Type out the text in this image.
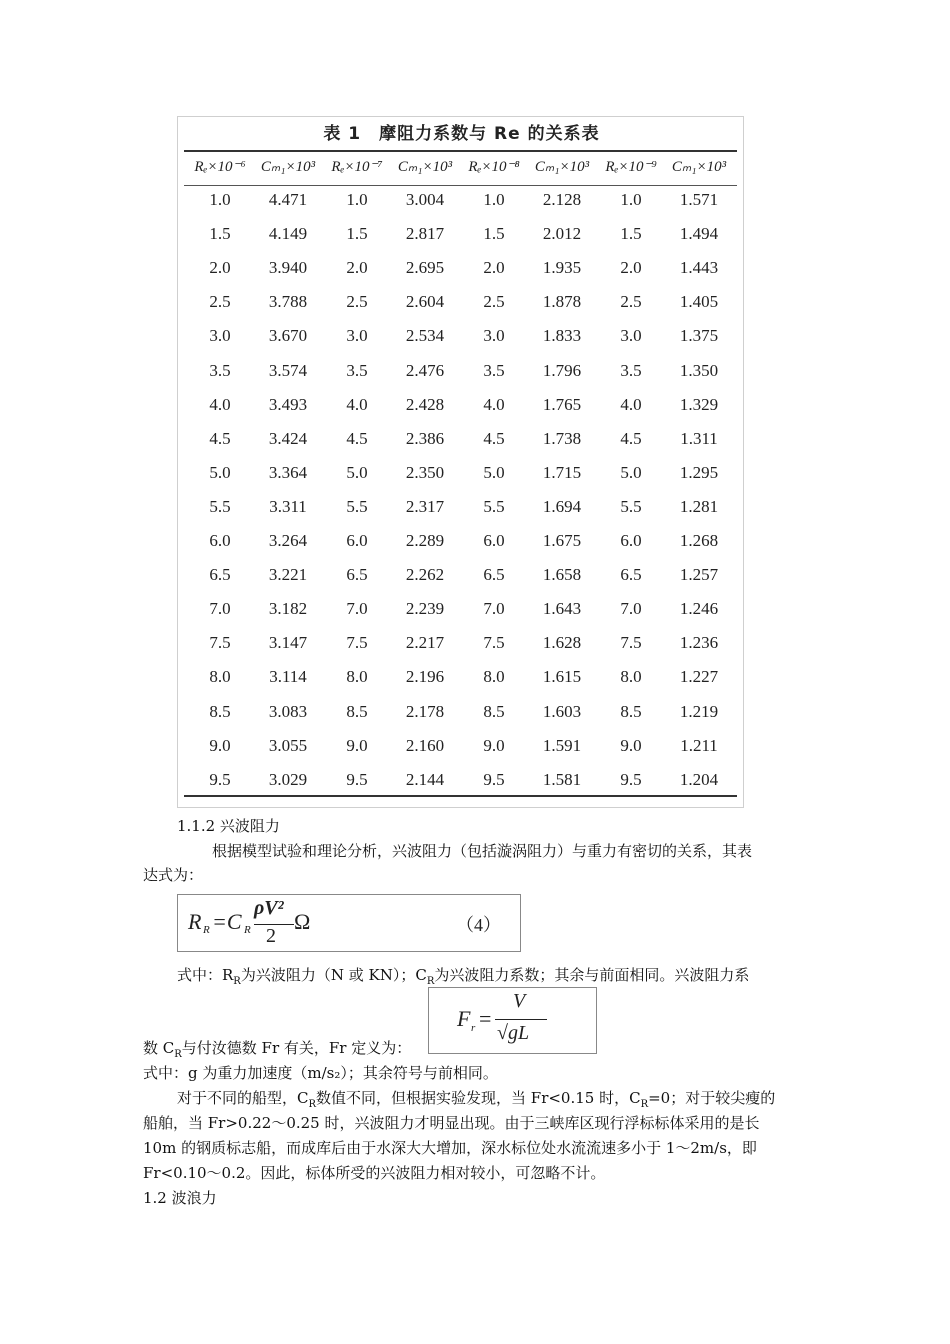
表 1　摩阻力系数与 Re 的关系表
Rₑ×10⁻⁶	Cₘ₁×10³	Rₑ×10⁻⁷	Cₘ₁×10³	Rₑ×10⁻⁸	Cₘ₁×10³	Rₑ×10⁻⁹	Cₘ₁×10³
1.0	4.471	1.0	3.004	1.0	2.128	1.0	1.571
1.5	4.149	1.5	2.817	1.5	2.012	1.5	1.494
2.0	3.940	2.0	2.695	2.0	1.935	2.0	1.443
2.5	3.788	2.5	2.604	2.5	1.878	2.5	1.405
3.0	3.670	3.0	2.534	3.0	1.833	3.0	1.375
3.5	3.574	3.5	2.476	3.5	1.796	3.5	1.350
4.0	3.493	4.0	2.428	4.0	1.765	4.0	1.329
4.5	3.424	4.5	2.386	4.5	1.738	4.5	1.311
5.0	3.364	5.0	2.350	5.0	1.715	5.0	1.295
5.5	3.311	5.5	2.317	5.5	1.694	5.5	1.281
6.0	3.264	6.0	2.289	6.0	1.675	6.0	1.268
6.5	3.221	6.5	2.262	6.5	1.658	6.5	1.257
7.0	3.182	7.0	2.239	7.0	1.643	7.0	1.246
7.5	3.147	7.5	2.217	7.5	1.628	7.5	1.236
8.0	3.114	8.0	2.196	8.0	1.615	8.0	1.227
8.5	3.083	8.5	2.178	8.5	1.603	8.5	1.219
9.0	3.055	9.0	2.160	9.0	1.591	9.0	1.211
9.5	3.029	9.5	2.144	9.5	1.581	9.5	1.204
1.1.2 兴波阻力
根据模型试验和理论分析，兴波阻力（包括漩涡阻力）与重力有密切的关系，其表
达式为：
R R =C R
ρV²
2
Ω	（4）
式中：$R_R$为兴波阻力（N 或 KN）；$C_R$为兴波阻力系数；其余与前面相同。兴波阻力系
F r =
V
√gL
数 $C_R$与付汝德数 Fr 有关，Fr 定义为：
式中：g 为重力加速度（m/s₂）；其余符号与前相同。
对于不同的船型，$C_R$数值不同，但根据实验发现，当 Fr<0.15 时，$C_R=0$；对于较尖瘦的
船舶，当 Fr>0.22～0.25 时，兴波阻力才明显出现。由于三峡库区现行浮标标体采用的是长
10m 的钢质标志船，而成库后由于水深大大增加，深水标位处水流流速多小于 1～2m/s，即
Fr<0.10～0.2。因此，标体所受的兴波阻力相对较小，可忽略不计。
1.2 波浪力
